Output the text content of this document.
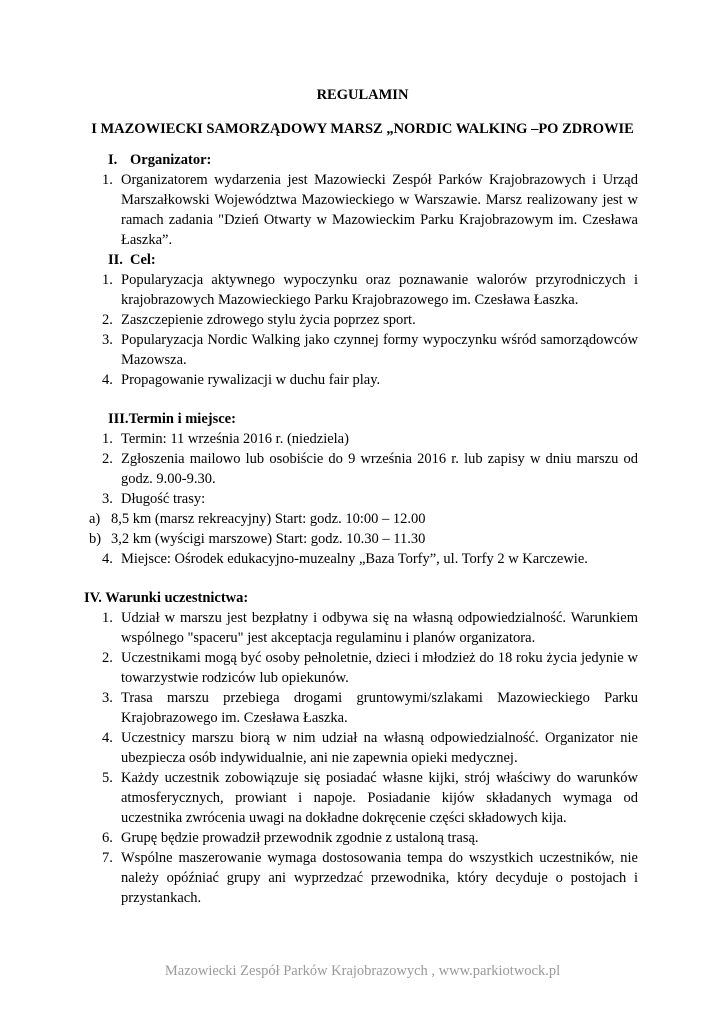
REGULAMIN
I MAZOWIECKI SAMORZĄDOWY MARSZ „NORDIC WALKING –PO ZDROWIE
I. Organizator:
1. Organizatorem wydarzenia jest Mazowiecki Zespół Parków Krajobrazowych i Urząd Marszałkowski Województwa Mazowieckiego w Warszawie. Marsz realizowany jest w ramach zadania "Dzień Otwarty w Mazowieckim Parku Krajobrazowym im. Czesława Łaszka”.
II. Cel:
1. Popularyzacja aktywnego wypoczynku oraz poznawanie walorów przyrodniczych i krajobrazowych Mazowieckiego Parku Krajobrazowego im. Czesława Łaszka.
2. Zaszczepienie zdrowego stylu życia poprzez sport.
3. Popularyzacja Nordic Walking jako czynnej formy wypoczynku wśród samorządowców Mazowsza.
4. Propagowanie rywalizacji w duchu fair play.
III.Termin i miejsce:
1. Termin: 11 września 2016 r. (niedziela)
2. Zgłoszenia mailowo lub osobiście do 9 września 2016 r. lub zapisy w dniu marszu od godz. 9.00-9.30.
3. Długość trasy:
a) 8,5 km (marsz rekreacyjny) Start: godz. 10:00 – 12.00
b) 3,2 km (wyścigi marszowe) Start: godz. 10.30 – 11.30
4. Miejsce: Ośrodek edukacyjno-muzealny „Baza Torfy”, ul. Torfy 2 w Karczewie.
IV. Warunki uczestnictwa:
1. Udział w marszu jest bezpłatny i odbywa się na własną odpowiedzialność. Warunkiem wspólnego "spaceru" jest akceptacja regulaminu i planów organizatora.
2. Uczestnikami mogą być osoby pełnoletnie, dzieci i młodzież do 18 roku życia jedynie w towarzystwie rodziców lub opiekunów.
3. Trasa marszu przebiega drogami gruntowymi/szlakami Mazowieckiego Parku Krajobrazowego im. Czesława Łaszka.
4. Uczestnicy marszu biorą w nim udział na własną odpowiedzialność. Organizator nie ubezpiecza osób indywidualnie, ani nie zapewnia opieki medycznej.
5. Każdy uczestnik zobowiązuje się posiadać własne kijki, strój właściwy do warunków atmosferycznych, prowiant i napoje. Posiadanie kijów składanych wymaga od uczestnika zwrócenia uwagi na dokładne dokręcenie części składowych kija.
6. Grupę będzie prowadził przewodnik zgodnie z ustaloną trasą.
7. Wspólne maszerowanie wymaga dostosowania tempa do wszystkich uczestników, nie należy opóźniać grupy ani wyprzedzać przewodnika, który decyduje o postojach i przystankach.
Mazowiecki Zespół Parków Krajobrazowych , www.parkiotwock.pl
